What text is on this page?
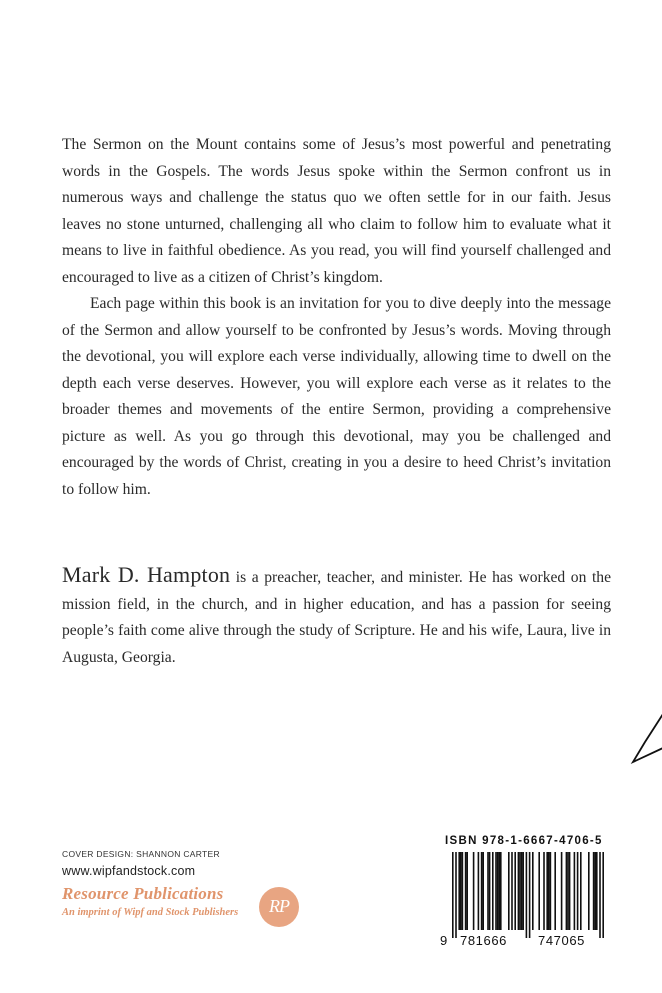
The Sermon on the Mount contains some of Jesus’s most powerful and penetrating words in the Gospels. The words Jesus spoke within the Sermon confront us in numerous ways and challenge the status quo we often settle for in our faith. Jesus leaves no stone unturned, challenging all who claim to follow him to evaluate what it means to live in faithful obedience. As you read, you will find yourself challenged and encouraged to live as a citizen of Christ’s kingdom.

Each page within this book is an invitation for you to dive deeply into the message of the Sermon and allow yourself to be confronted by Jesus’s words. Moving through the devotional, you will explore each verse individually, allowing time to dwell on the depth each verse deserves. However, you will explore each verse as it relates to the broader themes and movements of the entire Sermon, providing a comprehensive picture as well. As you go through this devotional, may you be challenged and encouraged by the words of Christ, creating in you a desire to heed Christ’s invitation to follow him.

Mark D. Hampton is a preacher, teacher, and minister. He has worked on the mission field, in the church, and in higher education, and has a passion for seeing people’s faith come alive through the study of Scripture. He and his wife, Laura, live in Augusta, Georgia.

COVER DESIGN: SHANNON CARTER
www.wipfandstock.com
Resource Publications
An imprint of Wipf and Stock Publishers	RP
ISBN 978-1-6667-4706-5
9 781666 747065
